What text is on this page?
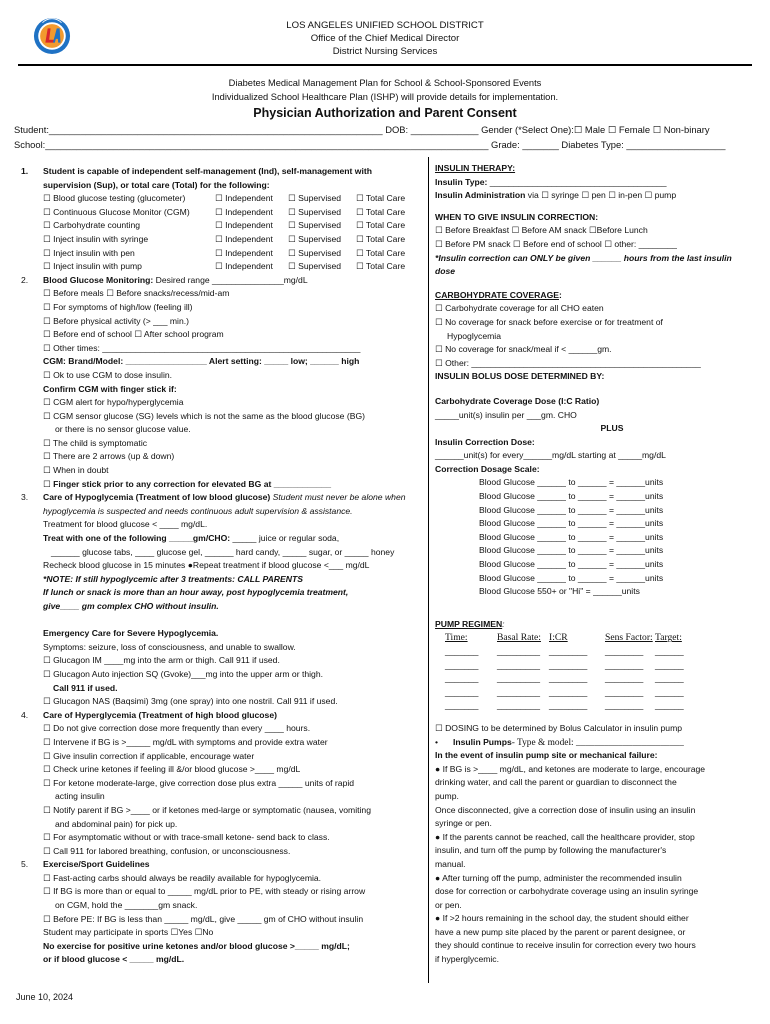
LOS ANGELES UNIFIED SCHOOL DISTRICT
Office of the Chief Medical Director
District Nursing Services
Diabetes Medical Management Plan for School & School-Sponsored Events
Individualized School Healthcare Plan (ISHP) will provide details for implementation.
Physician Authorization and Parent Consent
Student:________________________________________________________________ DOB: _____________ Gender (*Select One):☐ Male ☐ Female ☐ Non-binary
School:_____________________________________________________________________________________ Grade: _______ Diabetes Type: ___________________
1. Student is capable of independent self-management (Ind), self-management with supervision (Sup), or total care (Total) for the following:
☐ Blood glucose testing (glucometer)	☐ Independent ☐ Supervised ☐ Total Care
☐ Continuous Glucose Monitor (CGM)	☐ Independent ☐ Supervised ☐ Total Care
☐ Carbohydrate counting	☐ Independent ☐ Supervised ☐ Total Care
☐ Inject insulin with syringe	☐ Independent ☐ Supervised ☐ Total Care
☐ Inject insulin with pen	☐ Independent ☐ Supervised ☐ Total Care
☐ Inject insulin with pump	☐ Independent ☐ Supervised ☐ Total Care
2. Blood Glucose Monitoring: Desired range _______________mg/dL
☐ Before meals ☐ Before snacks/recess/mid-am
☐ For symptoms of high/low (feeling ill)
☐ Before physical activity (> ___ min.)
☐ Before end of school ☐ After school program
☐ Other times: ______________________________________________________
CGM: Brand/Model: _________________ Alert setting: _____ low; ______ high
☐ Ok to use CGM to dose insulin.
Confirm CGM with finger stick if:
☐ CGM alert for hypo/hyperglycemia
☐ CGM sensor glucose (SG) levels which is not the same as the blood glucose (BG)
or there is no sensor glucose value.
☐ The child is symptomatic
☐ There are 2 arrows (up & down)
☐ When in doubt
☐ Finger stick prior to any correction for elevated BG at ____________
3. Care of Hypoglycemia (Treatment of low blood glucose) Student must never be alone when hypoglycemia is suspected and needs continuous adult supervision & assistance.
Treatment for blood glucose < ____ mg/dL.
Treat with one of the following _____gm/CHO: _____ juice or regular soda,
______ glucose tabs, ____ glucose gel, ______ hard candy, _____ sugar, or _____ honey
Recheck blood glucose in 15 minutes ●Repeat treatment if blood glucose <___ mg/dL
*NOTE: If still hypoglycemic after 3 treatments: CALL PARENTS
If lunch or snack is more than an hour away, post hypoglycemia treatment,
give____ gm complex CHO without insulin.
Emergency Care for Severe Hypoglycemia.
Symptoms: seizure, loss of consciousness, and unable to swallow.
☐ Glucagon IM ____mg into the arm or thigh. Call 911 if used.
☐ Glucagon Auto injection SQ (Gvoke)___mg into the upper arm or thigh.
Call 911 if used.
☐ Glucagon NAS (Baqsimi) 3mg (one spray) into one nostril. Call 911 if used.
4. Care of Hyperglycemia (Treatment of high blood glucose)
☐ Do not give correction dose more frequently than every ____ hours.
☐ Intervene if BG is >_____ mg/dL with symptoms and provide extra water
☐ Give insulin correction if applicable, encourage water
☐ Check urine ketones if feeling ill &/or blood glucose >____ mg/dL
☐ For ketone moderate-large, give correction dose plus extra _____ units of rapid
acting insulin
☐ Notify parent if BG >____ or if ketones med-large or symptomatic (nausea, vomiting
and abdominal pain) for pick up.
☐ For asymptomatic without or with trace-small ketone- send back to class.
☐ Call 911 for labored breathing, confusion, or unconsciousness.
5. Exercise/Sport Guidelines
☐ Fast-acting carbs should always be readily available for hypoglycemia.
☐ If BG is more than or equal to _____ mg/dL prior to PE, with steady or rising arrow
on CGM, hold the _______gm snack.
☐ Before PE: If BG is less than _____ mg/dL, give _____ gm of CHO without insulin
Student may participate in sports ☐Yes ☐No
No exercise for positive urine ketones and/or blood glucose >_____ mg/dL;
or if blood glucose < _____ mg/dL.
INSULIN THERAPY:
Insulin Type: _____________________________________
Insulin Administration via ☐ syringe ☐ pen ☐ in-pen ☐ pump
WHEN TO GIVE INSULIN CORRECTION:
☐ Before Breakfast ☐ Before AM snack ☐Before Lunch
☐ Before PM snack ☐ Before end of school ☐ other: ________
*Insulin correction can ONLY be given ______ hours from the last insulin dose
CARBOHYDRATE COVERAGE:
☐ Carbohydrate coverage for all CHO eaten
☐ No coverage for snack before exercise or for treatment of
Hypoglycemia
☐ No coverage for snack/meal if < ______gm.
☐ Other: ________________________________________________
INSULIN BOLUS DOSE DETERMINED BY:
Carbohydrate Coverage Dose (I:C Ratio)
_____unit(s) insulin per ___gm. CHO
PLUS
Insulin Correction Dose:
______unit(s) for every______mg/dL starting at _____mg/dL
Correction Dosage Scale:
Blood Glucose ______ to ______ = ______units
Blood Glucose ______ to ______ = ______units
Blood Glucose ______ to ______ = ______units
Blood Glucose ______ to ______ = ______units
Blood Glucose ______ to ______ = ______units
Blood Glucose ______ to ______ = ______units
Blood Glucose ______ to ______ = ______units
Blood Glucose ______ to ______ = ______units
Blood Glucose 550+ or "Hi" = ______units
PUMP REGIMEN:
Time:	Basal Rate: I:CR	Sens Factor: Target:
_______ _________ ________ ________ ______
_______ _________ ________ ________ ______
_______ _________ ________ ________ ______
_______ _________ ________ ________ ______
_______ _________ ________ ________ ______
☐ DOSING to be determined by Bolus Calculator in insulin pump
• Insulin Pumps- Type & model: _______________________
In the event of insulin pump site or mechanical failure:
● If BG is >____ mg/dL, and ketones are moderate to large, encourage
drinking water, and call the parent or guardian to disconnect the
pump.
Once disconnected, give a correction dose of insulin using an insulin
syringe or pen.
● If the parents cannot be reached, call the healthcare provider, stop
insulin, and turn off the pump by following the manufacturer's
manual.
● After turning off the pump, administer the recommended insulin
dose for correction or carbohydrate coverage using an insulin syringe
or pen.
● If >2 hours remaining in the school day, the student should either
have a new pump site placed by the parent or parent designee, or
they should continue to receive insulin for correction every two hours
if hyperglycemic.
June 10, 2024
